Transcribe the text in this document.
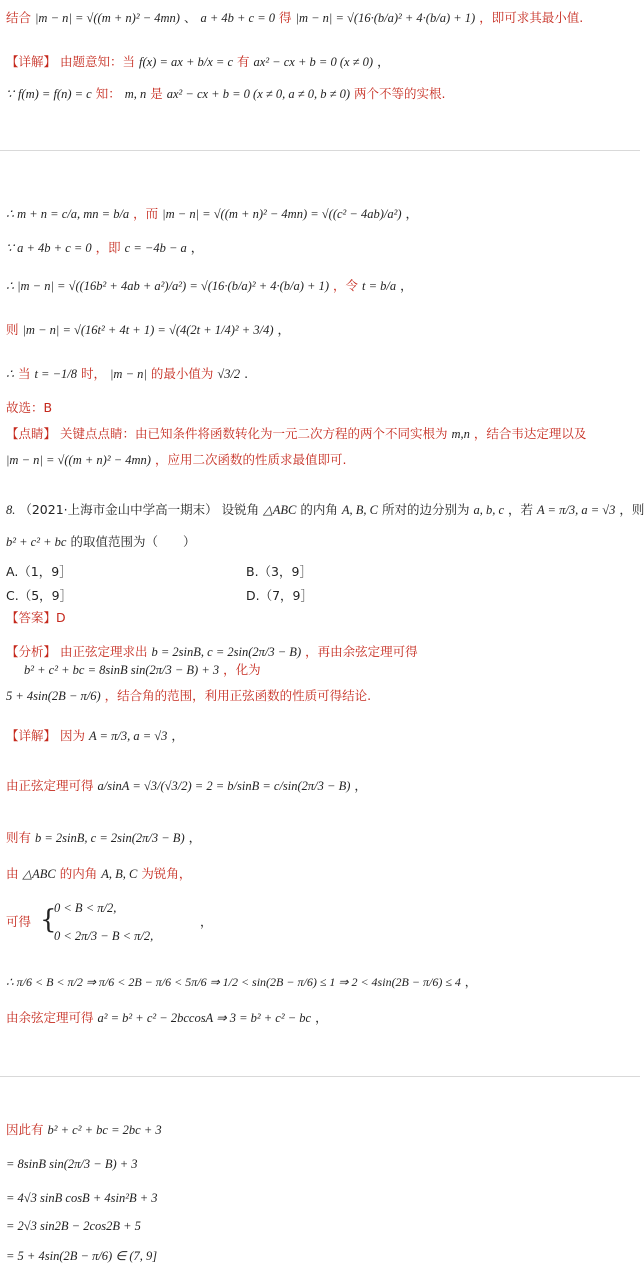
结合 |m − n| = √((m + n)² − 4mn) 、 a + 4b + c = 0 得 |m − n| = √(16·(b/a)² + 4·(b/a) + 1) ，即可求其最小值.
【详解】 由题意知：当 f(x) = ax + b/x = c 有 ax² − cx + b = 0 (x ≠ 0) ，
∵ f(m) = f(n) = c 知： m, n 是 ax² − cx + b = 0 (x ≠ 0, a ≠ 0, b ≠ 0) 两个不等的实根.
∴ m + n = c/a, mn = b/a ，而 |m − n| = √((m + n)² − 4mn) = √((c² − 4ab)/a²) ，
∵ a + 4b + c = 0 ，即 c = −4b − a ，
∴ |m − n| = √((16b² + 4ab + a²)/a²) = √(16·(b/a)² + 4·(b/a) + 1) ，令 t = b/a ，
则 |m − n| = √(16t² + 4t + 1) = √(4(2t + 1/4)² + 3/4) ，
∴ 当 t = −1/8 时， |m − n| 的最小值为 √3/2 .
故选：B
【点睛】 关键点点睛：由已知条件将函数转化为一元二次方程的两个不同实根为 m,n ，结合韦达定理以及
|m − n| = √((m + n)² − 4mn) ，应用二次函数的性质求最值即可.
8. （2021·上海市金山中学高一期末） 设锐角 △ABC 的内角 A, B, C 所对的边分别为 a, b, c ，若 A = π/3, a = √3 ，则
b² + c² + bc 的取值范围为（　　）
A.（1，9］	B.（3，9］
C.（5，9］	D.（7，9］
【答案】D
【分析】 由正弦定理求出 b = 2sinB, c = 2sin(2π/3 − B) ，再由余弦定理可得
b² + c² + bc = 8sinB sin(2π/3 − B) + 3 ，化为
5 + 4sin(2B − π/6) ，结合角的范围，利用正弦函数的性质可得结论.
【详解】 因为 A = π/3, a = √3 ，
由正弦定理可得 a/sinA = √3/(√3/2) = 2 = b/sinB = c/sin(2π/3 − B) ，
则有 b = 2sinB, c = 2sin(2π/3 − B) ，
由 △ABC 的内角 A, B, C 为锐角，
可得 {
0 < B < π/2,
0 < 2π/3 − B < π/2,
，
∴ π/6 < B < π/2 ⇒ π/6 < 2B − π/6 < 5π/6 ⇒ 1/2 < sin(2B − π/6) ≤ 1 ⇒ 2 < 4sin(2B − π/6) ≤ 4 ，
由余弦定理可得 a² = b² + c² − 2bccosA ⇒ 3 = b² + c² − bc ，
因此有 b² + c² + bc = 2bc + 3
= 8sinB sin(2π/3 − B) + 3
= 4√3 sinB cosB + 4sin²B + 3
= 2√3 sin2B − 2cos2B + 5
= 5 + 4sin(2B − π/6) ∈ (7, 9]
